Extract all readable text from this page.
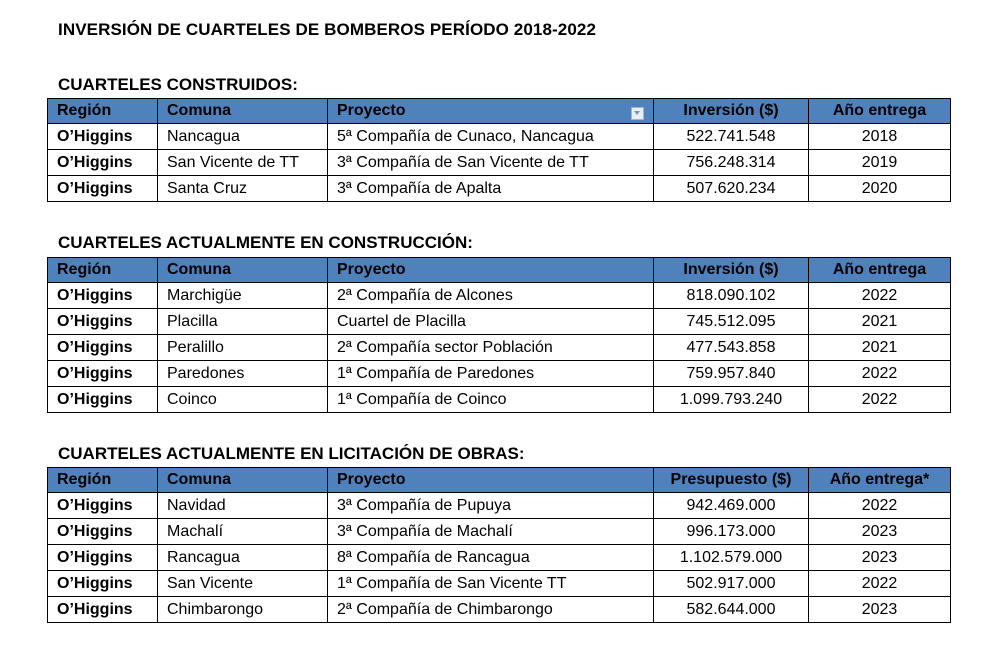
INVERSIÓN DE CUARTELES DE BOMBEROS PERÍODO 2018-2022
CUARTELES CONSTRUIDOS:
Región	Comuna	Proyecto	Inversión ($)	Año entrega
O’Higgins	Nancagua	5ª Compañía de Cunaco, Nancagua	522.741.548	2018
O’Higgins	San Vicente de TT	3ª Compañía de San Vicente de TT	756.248.314	2019
O’Higgins	Santa Cruz	3ª Compañía de Apalta	507.620.234	2020
CUARTELES ACTUALMENTE EN CONSTRUCCIÓN:
Región	Comuna	Proyecto	Inversión ($)	Año entrega
O’Higgins	Marchigüe	2ª Compañía de Alcones	818.090.102	2022
O’Higgins	Placilla	Cuartel de Placilla	745.512.095	2021
O’Higgins	Peralillo	2ª Compañía sector Población	477.543.858	2021
O’Higgins	Paredones	1ª Compañía de Paredones	759.957.840	2022
O’Higgins	Coinco	1ª Compañía de Coinco	1.099.793.240	2022
CUARTELES ACTUALMENTE EN LICITACIÓN DE OBRAS:
Región	Comuna	Proyecto	Presupuesto ($)	Año entrega*
O’Higgins	Navidad	3ª Compañía de Pupuya	942.469.000	2022
O’Higgins	Machalí	3ª Compañía de Machalí	996.173.000	2023
O’Higgins	Rancagua	8ª Compañía de Rancagua	1.102.579.000	2023
O’Higgins	San Vicente	1ª Compañía de San Vicente TT	502.917.000	2022
O’Higgins	Chimbarongo	2ª Compañía de Chimbarongo	582.644.000	2023
